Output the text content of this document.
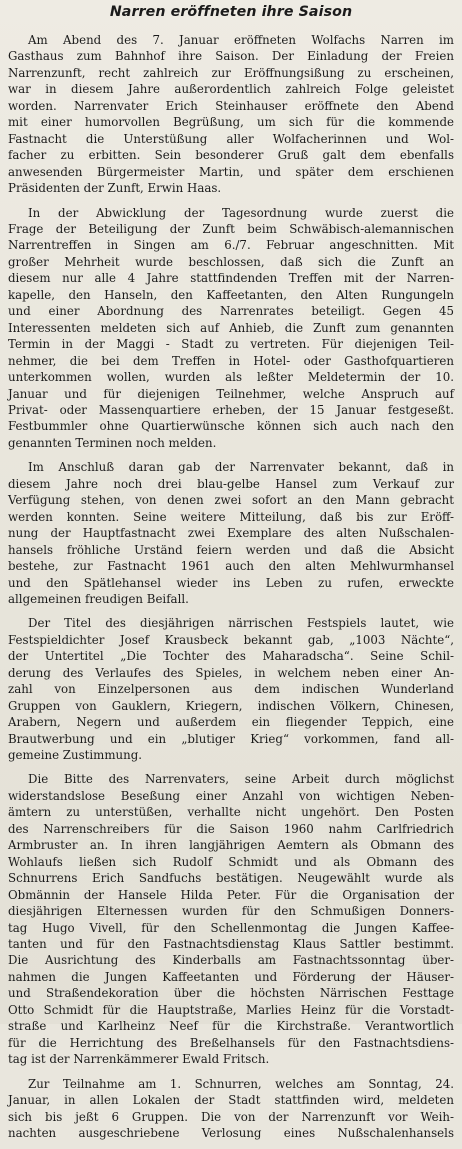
Narren eröffneten ihre Saison
Am Abend des 7. Januar eröffneten Wolfachs Narren im
Gasthaus zum Bahnhof ihre Saison. Der Einladung der Freien
Narrenzunft, recht zahlreich zur Eröffnungsißung zu erscheinen,
war in diesem Jahre außerordentlich zahlreich Folge geleistet
worden. Narrenvater Erich Steinhauser eröffnete den Abend
mit einer humorvollen Begrüßung, um sich für die kommende
Fastnacht die Unterstüßung aller Wolfacherinnen und Wol-
facher zu erbitten. Sein besonderer Gruß galt dem ebenfalls
anwesenden Bürgermeister Martin, und später dem erschienen
Präsidenten der Zunft, Erwin Haas.
In der Abwicklung der Tagesordnung wurde zuerst die
Frage der Beteiligung der Zunft beim Schwäbisch-alemannischen
Narrentreffen in Singen am 6./7. Februar angeschnitten. Mit
großer Mehrheit wurde beschlossen, daß sich die Zunft an
diesem nur alle 4 Jahre stattfindenden Treffen mit der Narren-
kapelle, den Hanseln, den Kaffeetanten, den Alten Rungungeln
und einer Abordnung des Narrenrates beteiligt. Gegen 45
Interessenten meldeten sich auf Anhieb, die Zunft zum genannten
Termin in der Maggi - Stadt zu vertreten. Für diejenigen Teil-
nehmer, die bei dem Treffen in Hotel- oder Gasthofquartieren
unterkommen wollen, wurden als leßter Meldetermin der 10.
Januar und für diejenigen Teilnehmer, welche Anspruch auf
Privat- oder Massenquartiere erheben, der 15 Januar festgeseßt.
Festbummler ohne Quartierwünsche können sich auch nach den
genannten Terminen noch melden.
Im Anschluß daran gab der Narrenvater bekannt, daß in
diesem Jahre noch drei blau-gelbe Hansel zum Verkauf zur
Verfügung stehen, von denen zwei sofort an den Mann gebracht
werden konnten. Seine weitere Mitteilung, daß bis zur Eröff-
nung der Hauptfastnacht zwei Exemplare des alten Nußschalen-
hansels fröhliche Urständ feiern werden und daß die Absicht
bestehe, zur Fastnacht 1961 auch den alten Mehlwurmhansel
und den Spätlehansel wieder ins Leben zu rufen, erweckte
allgemeinen freudigen Beifall.
Der Titel des diesjährigen närrischen Festspiels lautet, wie
Festspieldichter Josef Krausbeck bekannt gab, „1003 Nächte“,
der Untertitel „Die Tochter des Maharadscha“. Seine Schil-
derung des Verlaufes des Spieles, in welchem neben einer An-
zahl von Einzelpersonen aus dem indischen Wunderland
Gruppen von Gauklern, Kriegern, indischen Völkern, Chinesen,
Arabern, Negern und außerdem ein fliegender Teppich, eine
Brautwerbung und ein „blutiger Krieg“ vorkommen, fand all-
gemeine Zustimmung.
Die Bitte des Narrenvaters, seine Arbeit durch möglichst
widerstandslose Beseßung einer Anzahl von wichtigen Neben-
ämtern zu unterstüßen, verhallte nicht ungehört. Den Posten
des Narrenschreibers für die Saison 1960 nahm Carlfriedrich
Armbruster an. In ihren langjährigen Aemtern als Obmann des
Wohlaufs ließen sich Rudolf Schmidt und als Obmann des
Schnurrens Erich Sandfuchs bestätigen. Neugewählt wurde als
Obmännin der Hansele Hilda Peter. Für die Organisation der
diesjährigen Elternessen wurden für den Schmußigen Donners-
tag Hugo Vivell, für den Schellenmontag die Jungen Kaffee-
tanten und für den Fastnachtsdienstag Klaus Sattler bestimmt.
Die Ausrichtung des Kinderballs am Fastnachtssonntag über-
nahmen die Jungen Kaffeetanten und Förderung der Häuser-
und Straßendekoration über die höchsten Närrischen Festtage
Otto Schmidt für die Hauptstraße, Marlies Heinz für die Vorstadt-
straße und Karlheinz Neef für die Kirchstraße. Verantwortlich
für die Herrichtung des Breßelhansels für den Fastnachtsdiens-
tag ist der Narrenkämmerer Ewald Fritsch.
Zur Teilnahme am 1. Schnurren, welches am Sonntag, 24.
Januar, in allen Lokalen der Stadt stattfinden wird, meldeten
sich bis jeßt 6 Gruppen. Die von der Narrenzunft vor Weih-
nachten ausgeschriebene Verlosung eines Nußschalenhansels
